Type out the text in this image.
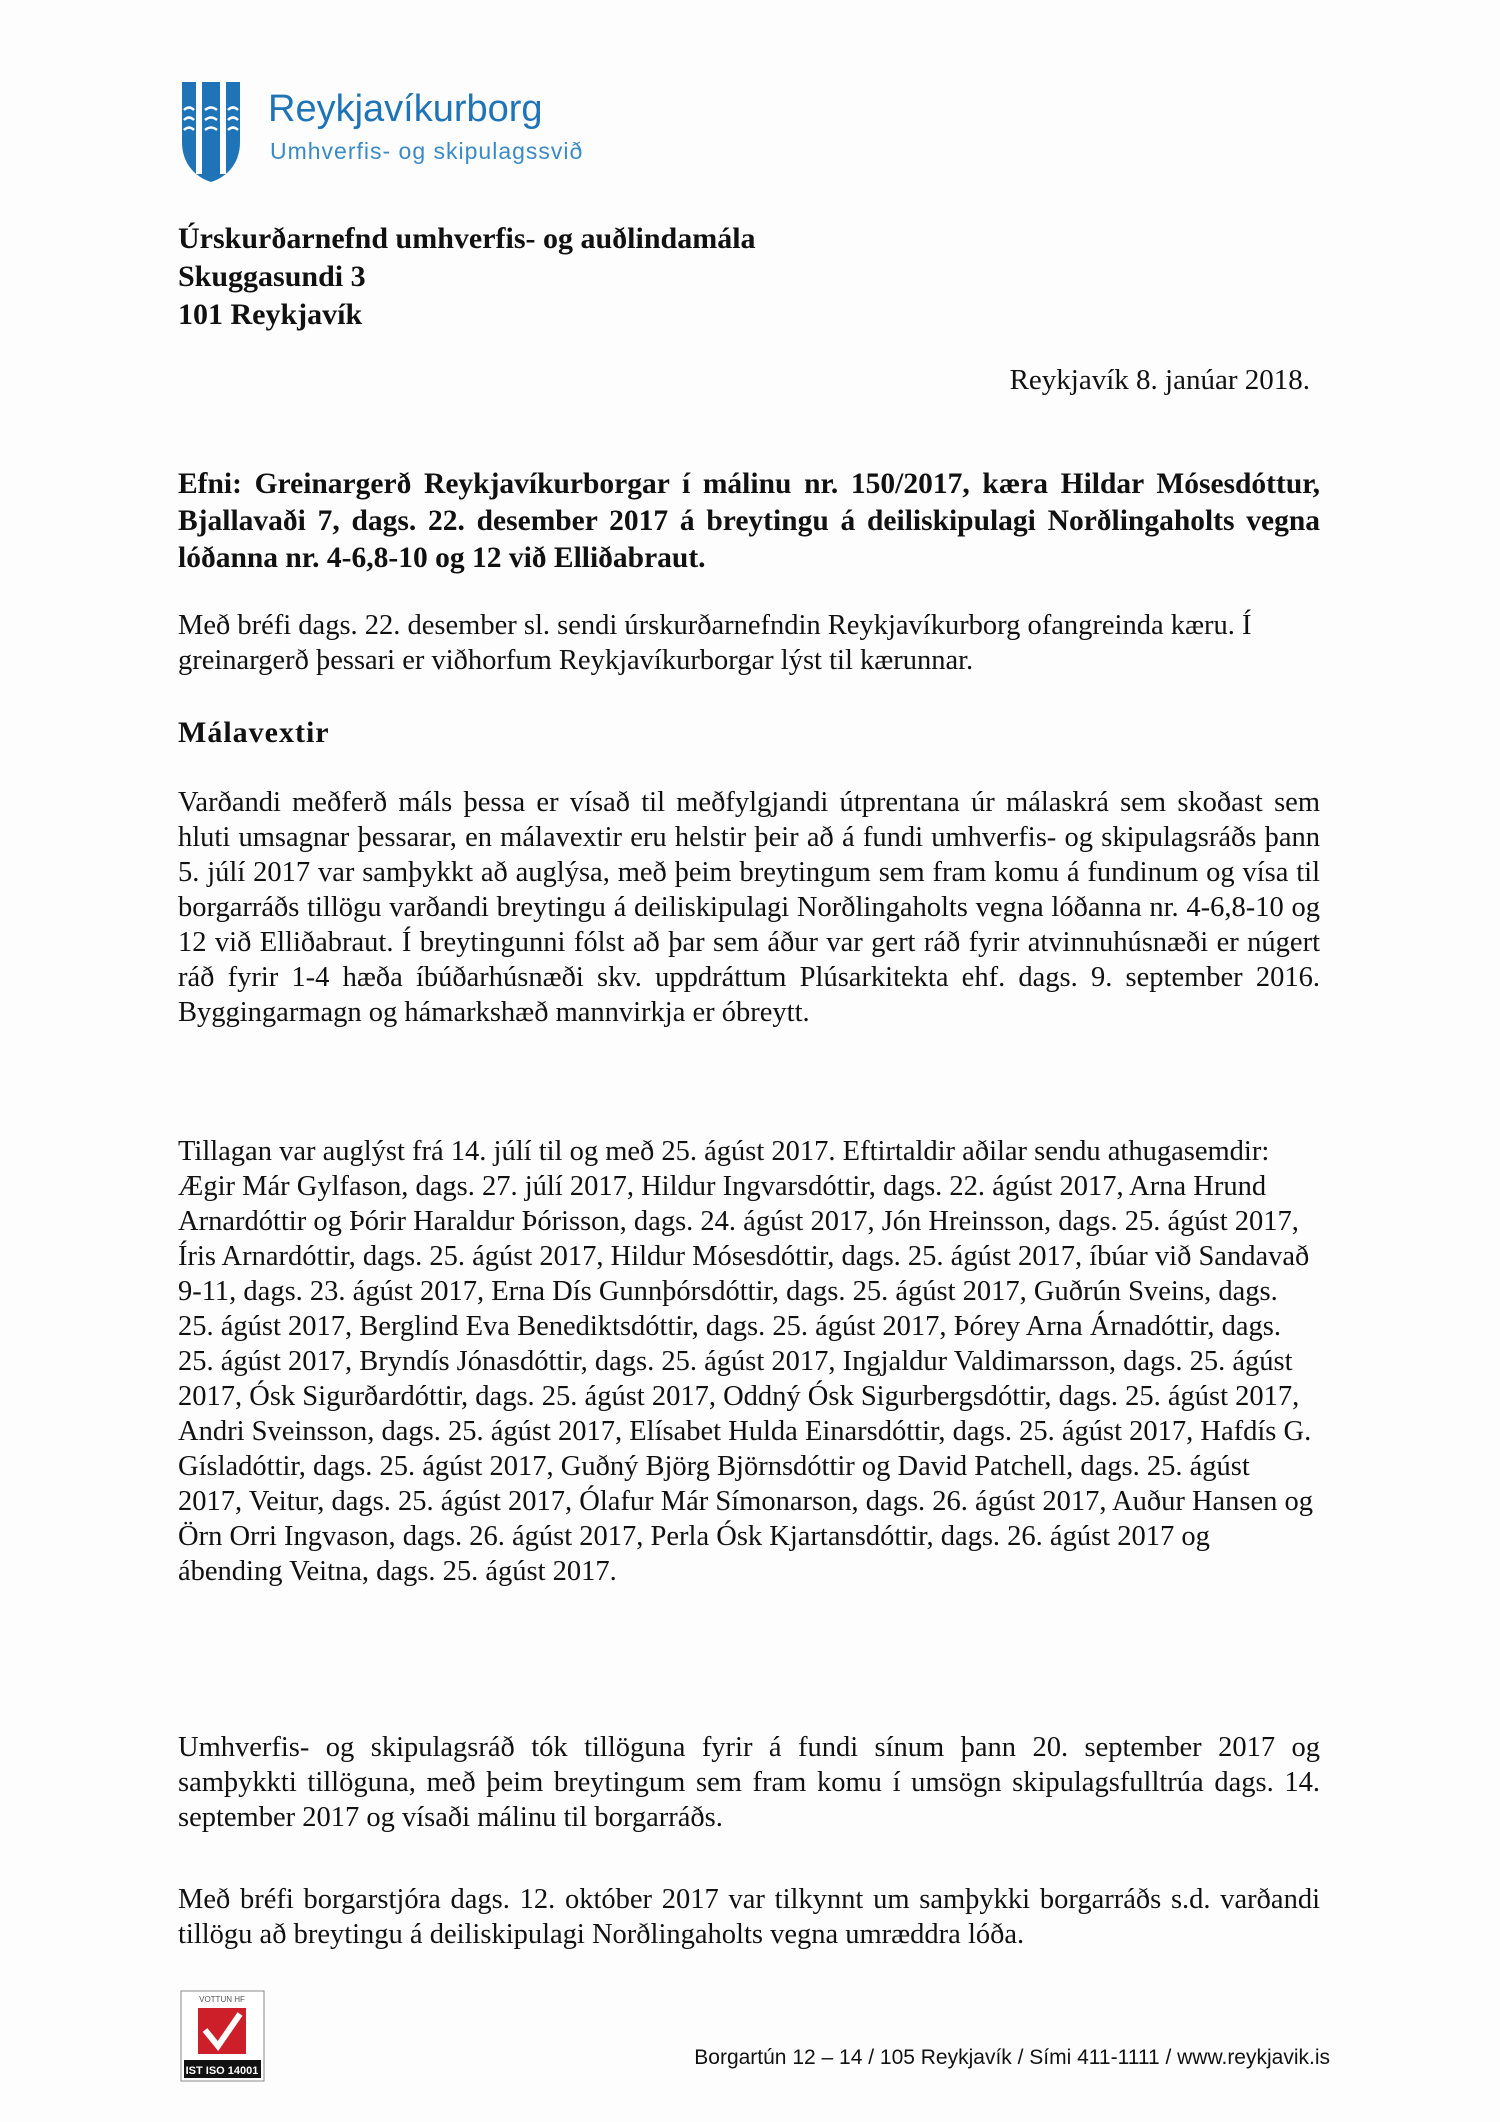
Reykjavíkurborg
Umhverfis- og skipulagssvið
Úrskurðarnefnd umhverfis- og auðlindamála
Skuggasundi 3
101 Reykjavík
Reykjavík 8. janúar 2018.
Efni: Greinargerð Reykjavíkurborgar í málinu nr. 150/2017, kæra Hildar Mósesdóttur, Bjallavaði 7, dags. 22. desember 2017 á breytingu á deiliskipulagi Norðlingaholts vegna lóðanna nr. 4-6,8-10 og 12 við Elliðabraut.
Með bréfi dags. 22. desember sl. sendi úrskurðarnefndin Reykjavíkurborg ofangreinda kæru. Í greinargerð þessari er viðhorfum Reykjavíkurborgar lýst til kærunnar.
Málavextir
Varðandi meðferð máls þessa er vísað til meðfylgjandi útprentana úr málaskrá sem skoðast sem hluti umsagnar þessarar, en málavextir eru helstir þeir að á fundi umhverfis- og skipulagsráðs þann 5. júlí 2017 var samþykkt að auglýsa, með þeim breytingum sem fram komu á fundinum og vísa til borgarráðs tillögu varðandi breytingu á deiliskipulagi Norðlingaholts vegna lóðanna nr. 4-6,8-10 og 12 við Elliðabraut. Í breytingunni fólst að þar sem áður var gert ráð fyrir atvinnuhúsnæði er núgert ráð fyrir 1-4 hæða íbúðarhúsnæði skv. uppdráttum Plúsarkitekta ehf. dags. 9. september 2016. Byggingarmagn og hámarkshæð mannvirkja er óbreytt.
Tillagan var auglýst frá 14. júlí til og með 25. ágúst 2017. Eftirtaldir aðilar sendu athugasemdir: Ægir Már Gylfason, dags. 27. júlí 2017, Hildur Ingvarsdóttir, dags. 22. ágúst 2017, Arna Hrund Arnardóttir og Þórir Haraldur Þórisson, dags. 24. ágúst 2017, Jón Hreinsson, dags. 25. ágúst 2017, Íris Arnardóttir, dags. 25. ágúst 2017, Hildur Mósesdóttir, dags. 25. ágúst 2017, íbúar við Sandavað 9-11, dags. 23. ágúst 2017, Erna Dís Gunnþórsdóttir, dags. 25. ágúst 2017, Guðrún Sveins, dags. 25. ágúst 2017, Berglind Eva Benediktsdóttir, dags. 25. ágúst 2017, Þórey Arna Árnadóttir, dags. 25. ágúst 2017, Bryndís Jónasdóttir, dags. 25. ágúst 2017, Ingjaldur Valdimarsson, dags. 25. ágúst 2017, Ósk Sigurðardóttir, dags. 25. ágúst 2017, Oddný Ósk Sigurbergsdóttir, dags. 25. ágúst 2017, Andri Sveinsson, dags. 25. ágúst 2017, Elísabet Hulda Einarsdóttir, dags. 25. ágúst 2017, Hafdís G. Gísladóttir, dags. 25. ágúst 2017, Guðný Björg Björnsdóttir og David Patchell, dags. 25. ágúst 2017, Veitur, dags. 25. ágúst 2017, Ólafur Már Símonarson, dags. 26. ágúst 2017, Auður Hansen og Örn Orri Ingvason, dags. 26. ágúst 2017, Perla Ósk Kjartansdóttir, dags. 26. ágúst 2017 og ábending Veitna, dags. 25. ágúst 2017.
Umhverfis- og skipulagsráð tók tillöguna fyrir á fundi sínum þann 20. september 2017 og samþykkti tillöguna, með þeim breytingum sem fram komu í umsögn skipulagsfulltrúa dags. 14. september 2017 og vísaði málinu til borgarráðs.
Með bréfi borgarstjóra dags. 12. október 2017 var tilkynnt um samþykki borgarráðs s.d. varðandi tillögu að breytingu á deiliskipulagi Norðlingaholts vegna umræddra lóða.
VOTTUN HF
IST ISO 14001
Borgartún 12 – 14 / 105 Reykjavík / Sími 411-1111 / www.reykjavik.is
